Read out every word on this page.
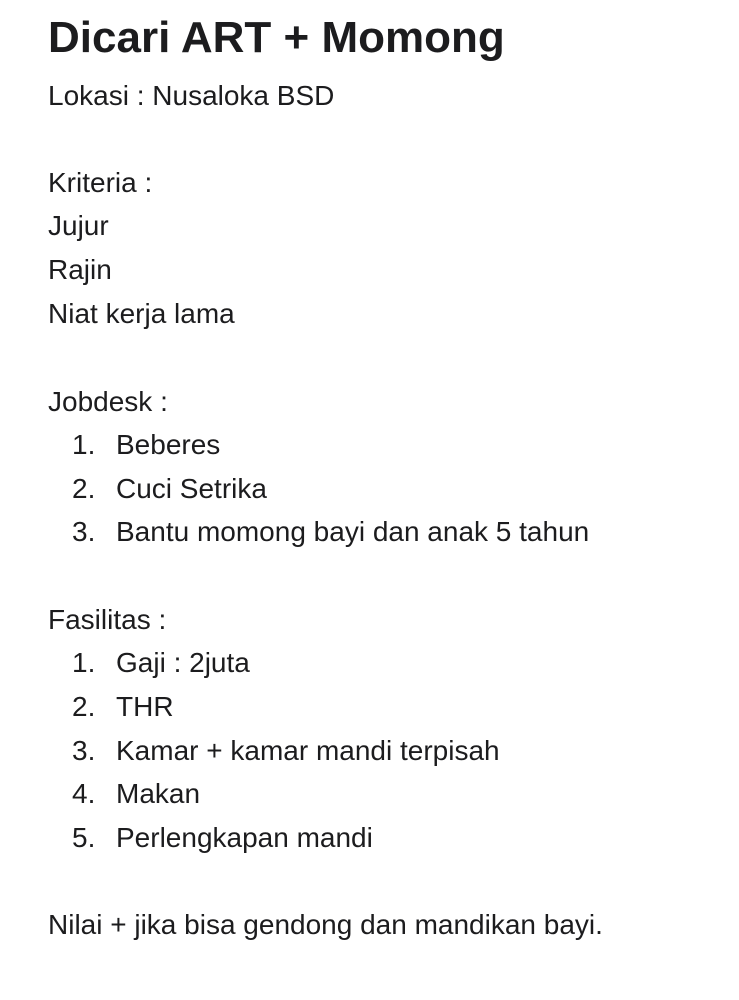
Dicari ART + Momong
Lokasi : Nusaloka BSD
Kriteria :
Jujur
Rajin
Niat kerja lama
Jobdesk :
1. Beberes
2. Cuci Setrika
3. Bantu momong bayi dan anak 5 tahun
Fasilitas :
1. Gaji : 2juta
2. THR
3. Kamar + kamar mandi terpisah
4. Makan
5. Perlengkapan mandi
Nilai + jika bisa gendong dan mandikan bayi.
